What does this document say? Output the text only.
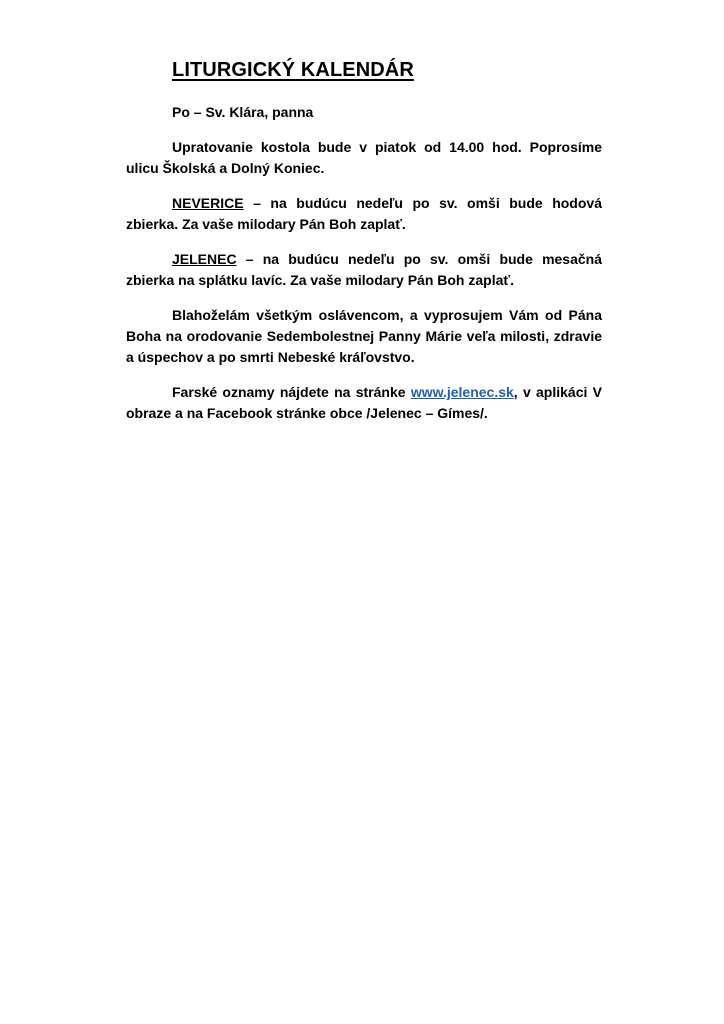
LITURGICKÝ KALENDÁR

Po – Sv. Klára, panna

Upratovanie kostola bude v piatok od 14.00 hod. Poprosíme ulicu Školská a Dolný Koniec.

NEVERICE – na budúcu nedeľu po sv. omši bude hodová zbierka. Za vaše milodary Pán Boh zaplať.

JELENEC – na budúcu nedeľu po sv. omši bude mesačná zbierka na splátku lavíc. Za vaše milodary Pán Boh zaplať.

Blahoželám všetkým oslávencom, a vyprosujem Vám od Pána Boha na orodovanie Sedembolestnej Panny Márie veľa milosti, zdravie a úspechov a po smrti Nebeské kráľovstvo.

Farské oznamy nájdete na stránke www.jelenec.sk, v aplikáci V obraze a na Facebook stránke obce /Jelenec – Gímes/.
